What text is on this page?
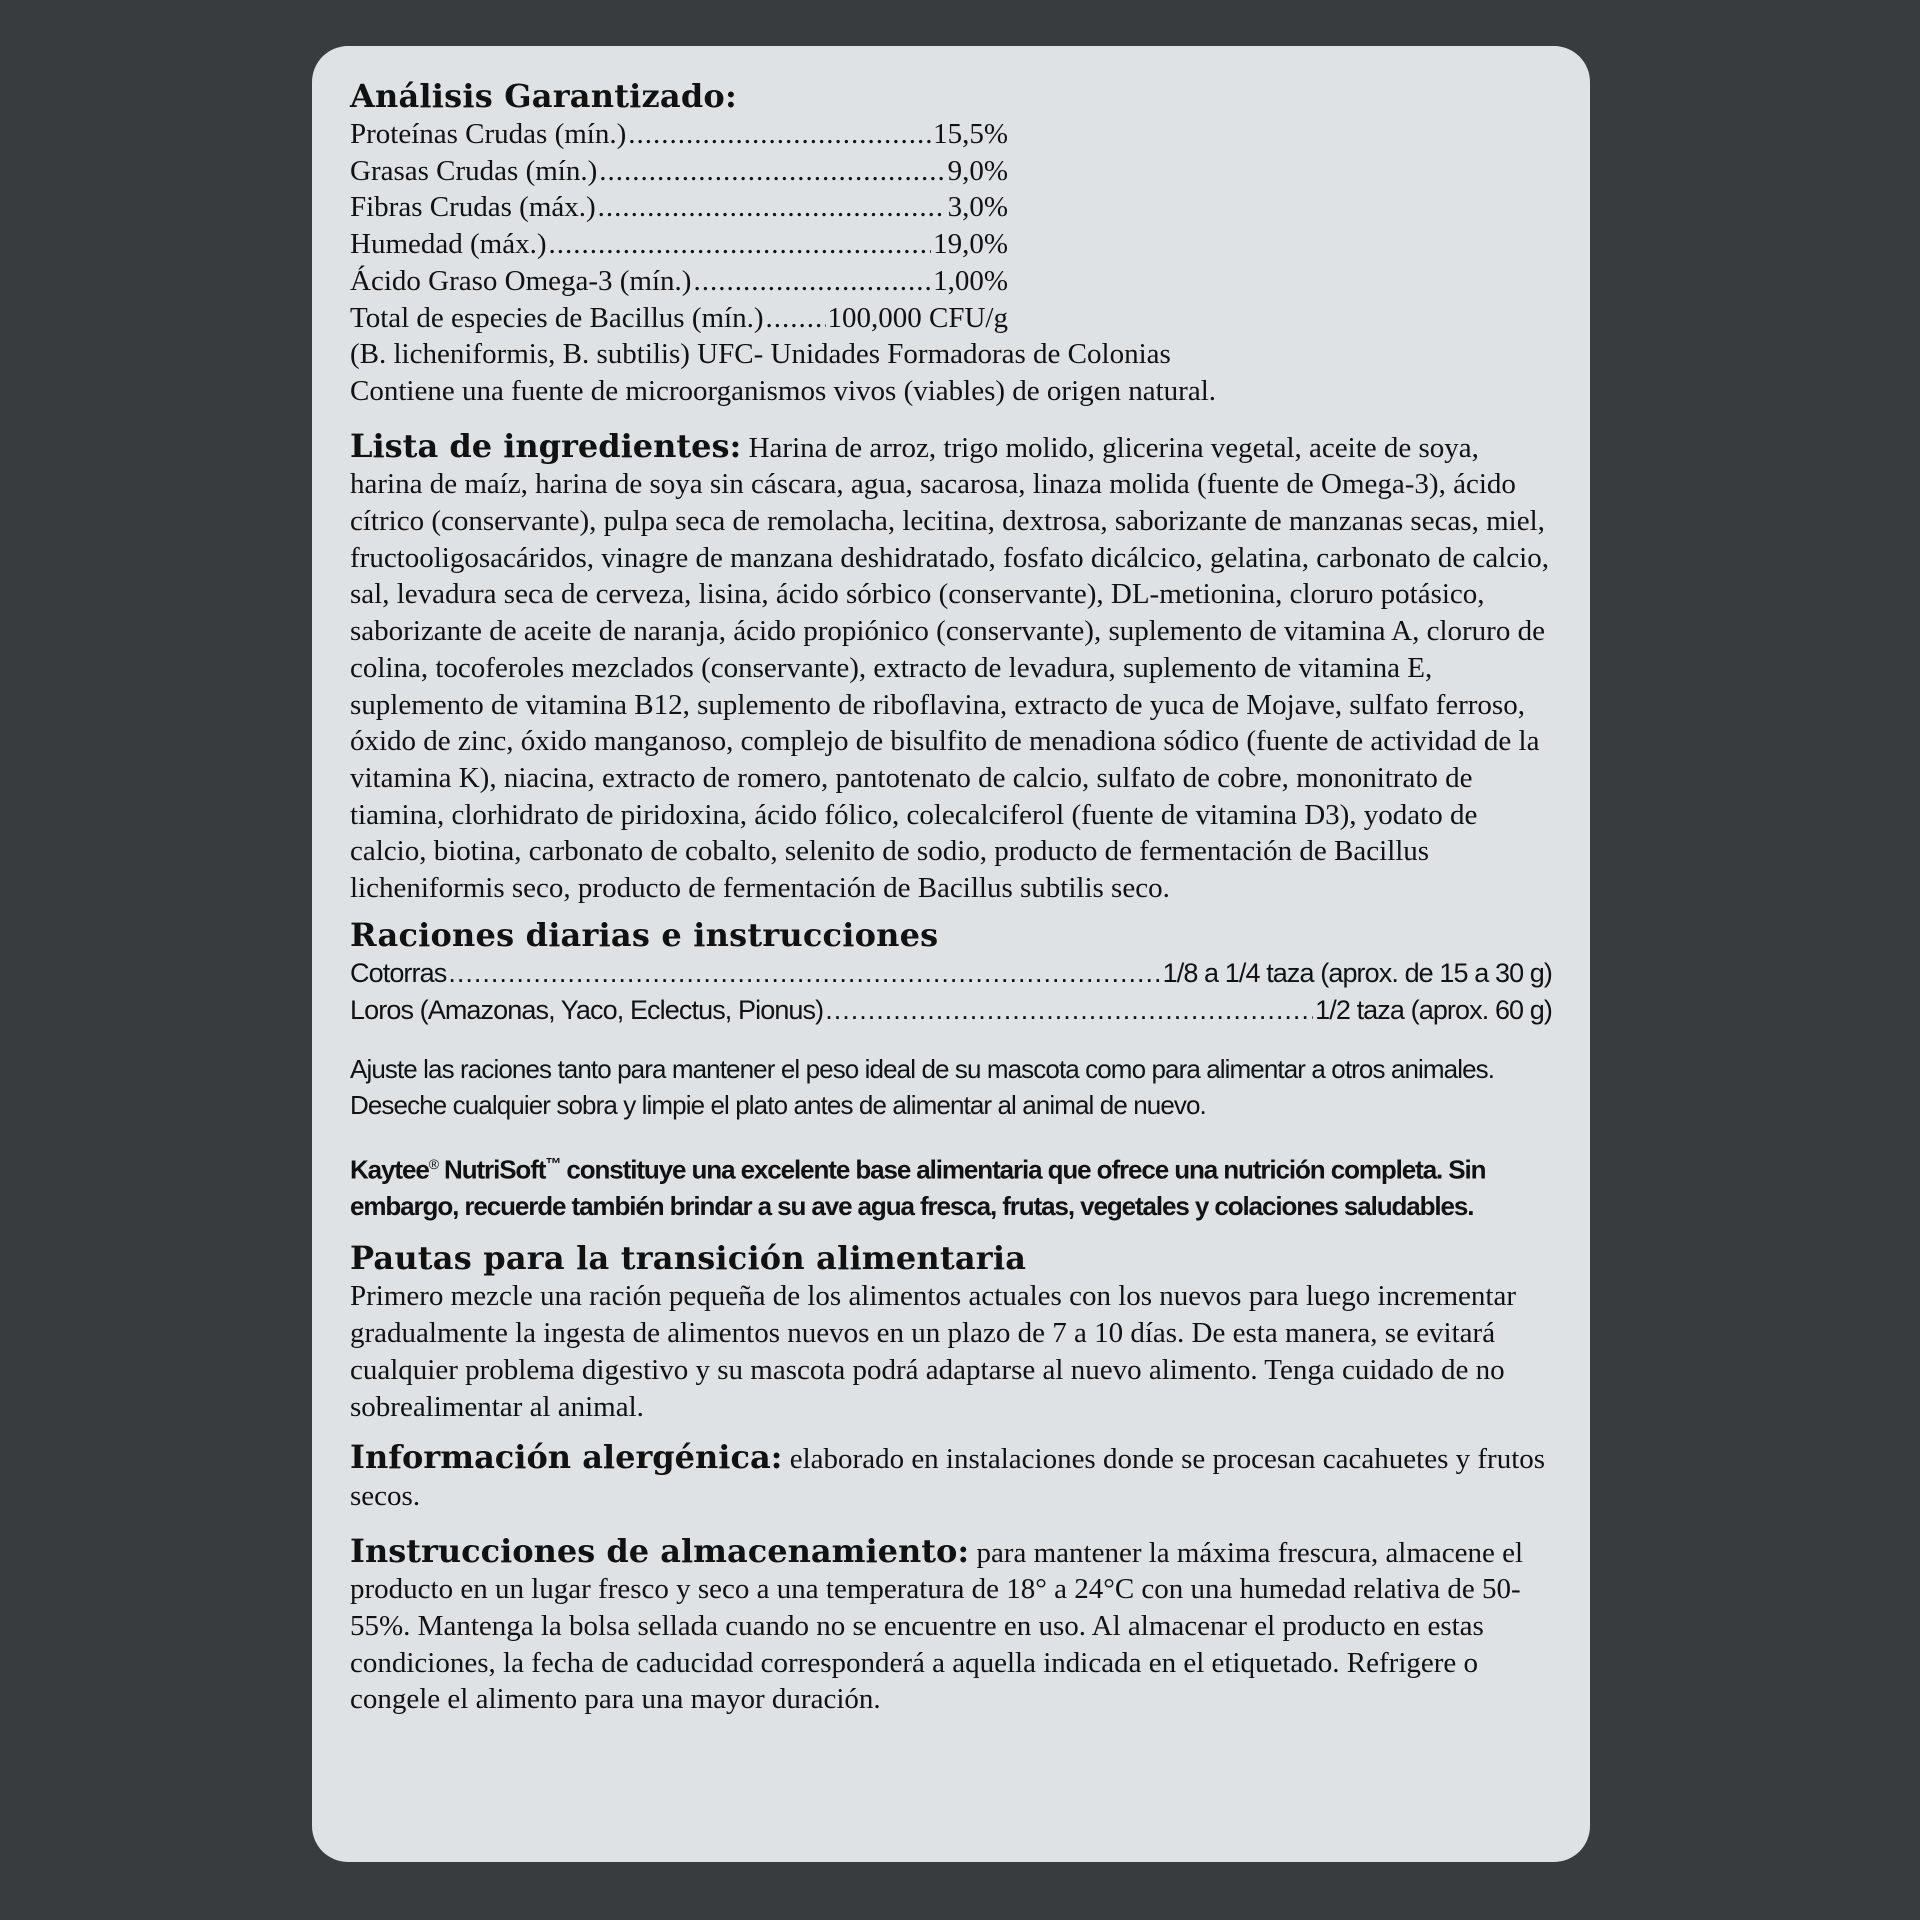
Análisis Garantizado:
Proteínas Crudas (mín.) .....	15,5%
Grasas Crudas (mín.) .....	9,0%
Fibras Crudas (máx.) .....	3,0%
Humedad (máx.) .....	19,0%
Ácido Graso Omega-3 (mín.) .....	1,00%
Total de especies de Bacillus (mín.) ..... 100,000 CFU/g

(B. licheniformis, B. subtilis) UFC- Unidades Formadoras de Colonias

Contiene una fuente de microorganismos vivos (viables) de origen natural.

Lista de ingredientes: Harina de arroz, trigo molido, glicerina vegetal, aceite de soya, harina de maíz, harina de soya sin cáscara, agua, sacarosa, linaza molida (fuente de Omega-3), ácido cítrico (conservante), pulpa seca de remolacha, lecitina, dextrosa, saborizante de manzanas secas, miel, fructooligosacáridos, vinagre de manzana deshidratado, fosfato dicálcico, gelatina, carbonato de calcio, sal, levadura seca de cerveza, lisina, ácido sórbico (conservante), DL-metionina, cloruro potásico, saborizante de aceite de naranja, ácido propiónico (conservante), suplemento de vitamina A, cloruro de colina, tocoferoles mezclados (conservante), extracto de levadura, suplemento de vitamina E, suplemento de vitamina B12, suplemento de riboflavina, extracto de yuca de Mojave, sulfato ferroso, óxido de zinc, óxido manganoso, complejo de bisulfito de menadiona sódico (fuente de actividad de la vitamina K), niacina, extracto de romero, pantotenato de calcio, sulfato de cobre, mononitrato de tiamina, clorhidrato de piridoxina, ácido fólico, colecalciferol (fuente de vitamina D3), yodato de calcio, biotina, carbonato de cobalto, selenito de sodio, producto de fermentación de Bacillus licheniformis seco, producto de fermentación de Bacillus subtilis seco.

Raciones diarias e instrucciones
Cotorras .....	1/8 a 1/4 taza (aprox. de 15 a 30 g)
Loros (Amazonas, Yaco, Eclectus, Pionus) .....	1/2 taza (aprox. 60 g)

Ajuste las raciones tanto para mantener el peso ideal de su mascota como para alimentar a otros animales.

Deseche cualquier sobra y limpie el plato antes de alimentar al animal de nuevo.

Kaytee® NutriSoft™ constituye una excelente base alimentaria que ofrece una nutrición completa. Sin embargo, recuerde también brindar a su ave agua fresca, frutas, vegetales y colaciones saludables.

Pautas para la transición alimentaria

Primero mezcle una ración pequeña de los alimentos actuales con los nuevos para luego incrementar gradualmente la ingesta de alimentos nuevos en un plazo de 7 a 10 días. De esta manera, se evitará cualquier problema digestivo y su mascota podrá adaptarse al nuevo alimento. Tenga cuidado de no sobrealimentar al animal.

Información alergénica: elaborado en instalaciones donde se procesan cacahuetes y frutos secos.

Instrucciones de almacenamiento: para mantener la máxima frescura, almacene el producto en un lugar fresco y seco a una temperatura de 18° a 24°C con una humedad relativa de 50-55%. Mantenga la bolsa sellada cuando no se encuentre en uso. Al almacenar el producto en estas condiciones, la fecha de caducidad corresponderá a aquella indicada en el etiquetado. Refrigere o congele el alimento para una mayor duración.
